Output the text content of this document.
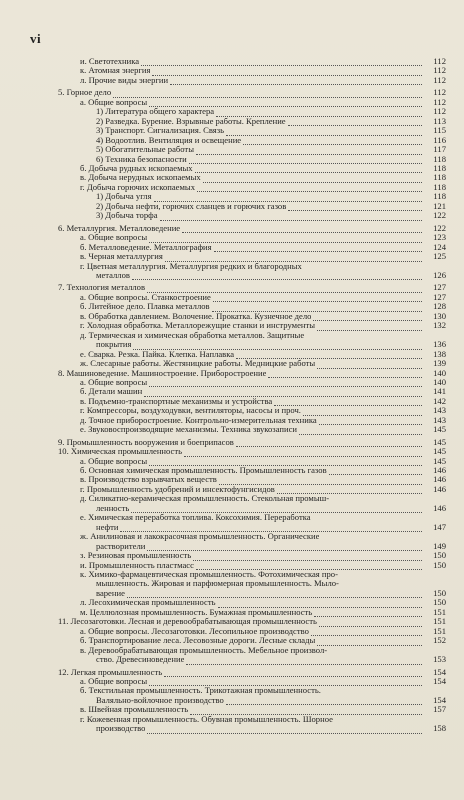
vi
и. Светотехника	112
к. Атомная энергия	112
л. Прочие виды энергии	112
5. Горное дело	112
а. Общие вопросы	112
1) Литература общего характера	112
2) Разведка. Бурение. Взрывные работы. Крепление	113
3) Транспорт. Сигнализация. Связь	115
4) Водоотлив. Вентиляция и освещение	116
5) Обогатительные работы	117
6) Техника безопасности	118
б. Добыча рудных ископаемых	118
в. Добыча нерудных ископаемых	118
г. Добыча горючих ископаемых	118
1) Добыча угля	118
2) Добыча нефти, горючих сланцев и горючих газов	121
3) Добыча торфа	122
6. Металлургия. Металловедение	122
а. Общие вопросы	123
б. Металловедение. Металлография	124
в. Черная металлургия	125
г. Цветная металлургия. Металлургия редких и благородных
металлов	126
7. Технология металлов	127
а. Общие вопросы. Станкостроение	127
б. Литейное дело. Плавка металлов	128
в. Обработка давлением. Волочение. Прокатка. Кузнечное дело	130
г. Холодная обработка. Металлорежущие станки и инструменты	132
д. Термическая и химическая обработка металлов. Защитные
покрытия	136
е. Сварка. Резка. Пайка. Клепка. Наплавка	138
ж. Слесарные работы. Жестяницкие работы. Медницкие работы	139
8. Машиноведение. Машиностроение. Приборостроение	140
а. Общие вопросы	140
б. Детали машин	141
в. Подъемно-транспортные механизмы и устройства	142
г. Компрессоры, воздуходувки, вентиляторы, насосы и проч.	143
д. Точное приборостроение. Контрольно-измерительная техника	143
е. Звуковоспроизводящие механизмы. Техника звукозаписи	145
9. Промышленность вооружения и боеприпасов	145
10. Химическая промышленность	145
а. Общие вопросы	145
б. Основная химическая промышленность. Промышленность газов	146
в. Производство взрывчатых веществ	146
г. Промышленность удобрений и инсектофунгисидов	146
д. Силикатно-керамическая промышленность. Стекольная промыш-
ленность	146
е. Химическая переработка топлива. Коксохимия. Переработка
нефти	147
ж. Анилиновая и лакокрасочная промышленность. Органические
растворители	149
з. Резиновая промышленность	150
и. Промышленность пластмасс	150
к. Химико-фармацевтическая промышленность. Фотохимическая про-
мышленность. Жировая и парфюмерная промышленность. Мыло-
варение	150
л. Лесохимическая промышленность	150
м. Целлюлозная промышленность. Бумажная промышленность	151
11. Лесозаготовки. Лесная и деревообрабатывающая промышленность	151
а. Общие вопросы. Лесозаготовки. Лесопильное производство	151
б. Транспортирование леса. Лесовозные дороги. Лесные склады	152
в. Деревообрабатывающая промышленность. Мебельное произвол-
ство. Древесиноведение	153
12. Легкая промышленность	154
а. Общие вопросы	154
б. Текстильная промышленность. Трикотажная промышленность.
Валяльно-войлочное производство	154
в. Швейная промышленность	157
г. Кожевенная промышленность. Обувная промышленность. Шорное
производство	158
